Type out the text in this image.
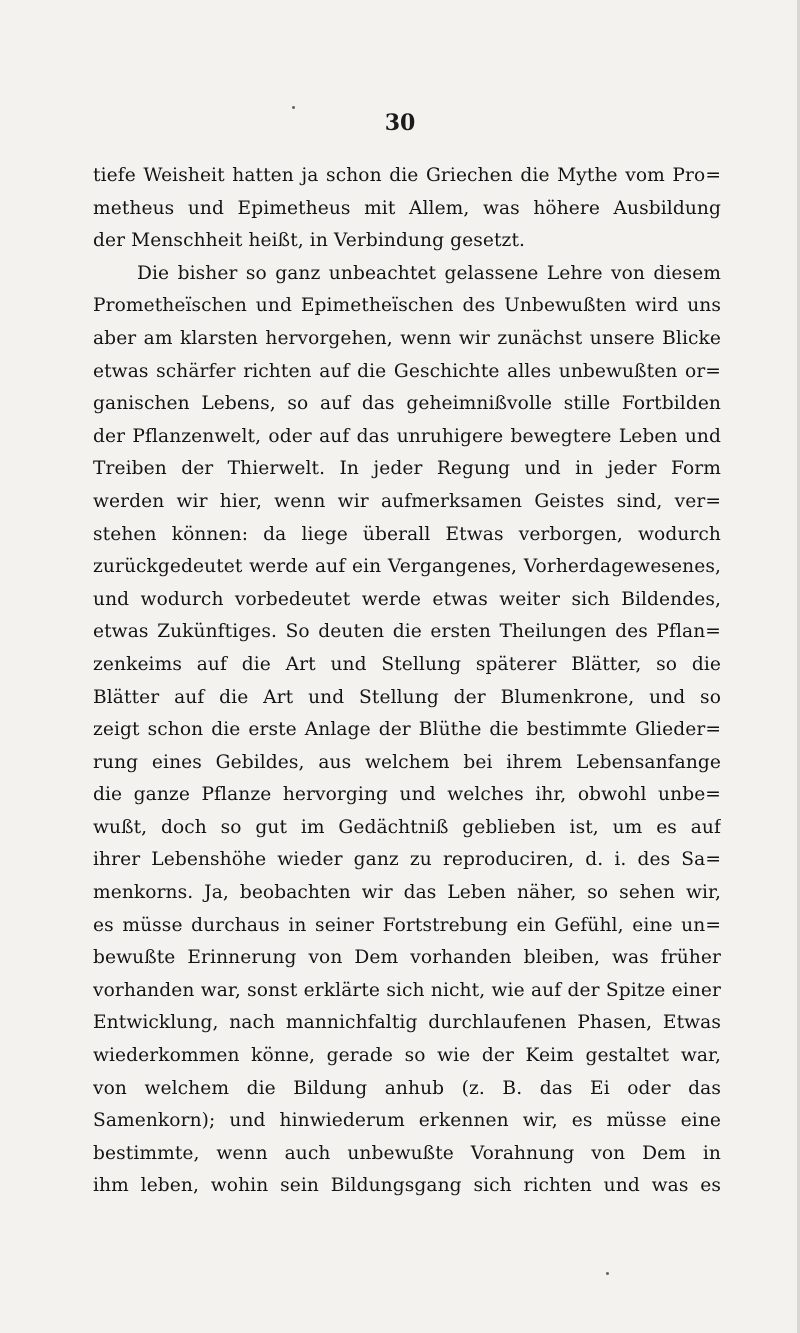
30
tiefe Weisheit hatten ja schon die Griechen die Mythe vom Pro=
metheus und Epimetheus mit Allem, was höhere Ausbildung
der Menschheit heißt, in Verbindung gesetzt.
Die bisher so ganz unbeachtet gelassene Lehre von diesem
Prometheïschen und Epimetheïschen des Unbewußten wird uns
aber am klarsten hervorgehen, wenn wir zunächst unsere Blicke
etwas schärfer richten auf die Geschichte alles unbewußten or=
ganischen Lebens, so auf das geheimnißvolle stille Fortbilden
der Pflanzenwelt, oder auf das unruhigere bewegtere Leben und
Treiben der Thierwelt. In jeder Regung und in jeder Form
werden wir hier, wenn wir aufmerksamen Geistes sind, ver=
stehen können: da liege überall Etwas verborgen, wodurch
zurückgedeutet werde auf ein Vergangenes, Vorherdagewesenes,
und wodurch vorbedeutet werde etwas weiter sich Bildendes,
etwas Zukünftiges. So deuten die ersten Theilungen des Pflan=
zenkeims auf die Art und Stellung späterer Blätter, so die
Blätter auf die Art und Stellung der Blumenkrone, und so
zeigt schon die erste Anlage der Blüthe die bestimmte Glieder=
rung eines Gebildes, aus welchem bei ihrem Lebensanfange
die ganze Pflanze hervorging und welches ihr, obwohl unbe=
wußt, doch so gut im Gedächtniß geblieben ist, um es auf
ihrer Lebenshöhe wieder ganz zu reproduciren, d. i. des Sa=
menkorns. Ja, beobachten wir das Leben näher, so sehen wir,
es müsse durchaus in seiner Fortstrebung ein Gefühl, eine un=
bewußte Erinnerung von Dem vorhanden bleiben, was früher
vorhanden war, sonst erklärte sich nicht, wie auf der Spitze einer
Entwicklung, nach mannichfaltig durchlaufenen Phasen, Etwas
wiederkommen könne, gerade so wie der Keim gestaltet war,
von welchem die Bildung anhub (z. B. das Ei oder das
Samenkorn); und hinwiederum erkennen wir, es müsse eine
bestimmte, wenn auch unbewußte Vorahnung von Dem in
ihm leben, wohin sein Bildungsgang sich richten und was es
